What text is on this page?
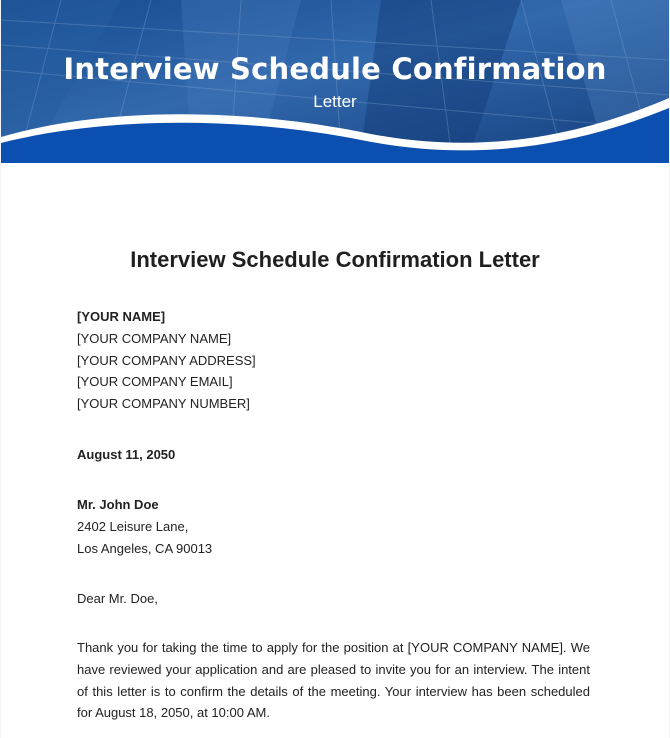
Interview Schedule Confirmation
Letter
Interview Schedule Confirmation Letter
[YOUR NAME]
[YOUR COMPANY NAME]
[YOUR COMPANY ADDRESS]
[YOUR COMPANY EMAIL]
[YOUR COMPANY NUMBER]
August 11, 2050
Mr. John Doe
2402 Leisure Lane,
Los Angeles, CA 90013
Dear Mr. Doe,
Thank you for taking the time to apply for the position at [YOUR COMPANY NAME]. We have reviewed your application and are pleased to invite you for an interview. The intent of this letter is to confirm the details of the meeting. Your interview has been scheduled for August 18, 2050, at 10:00 AM.
